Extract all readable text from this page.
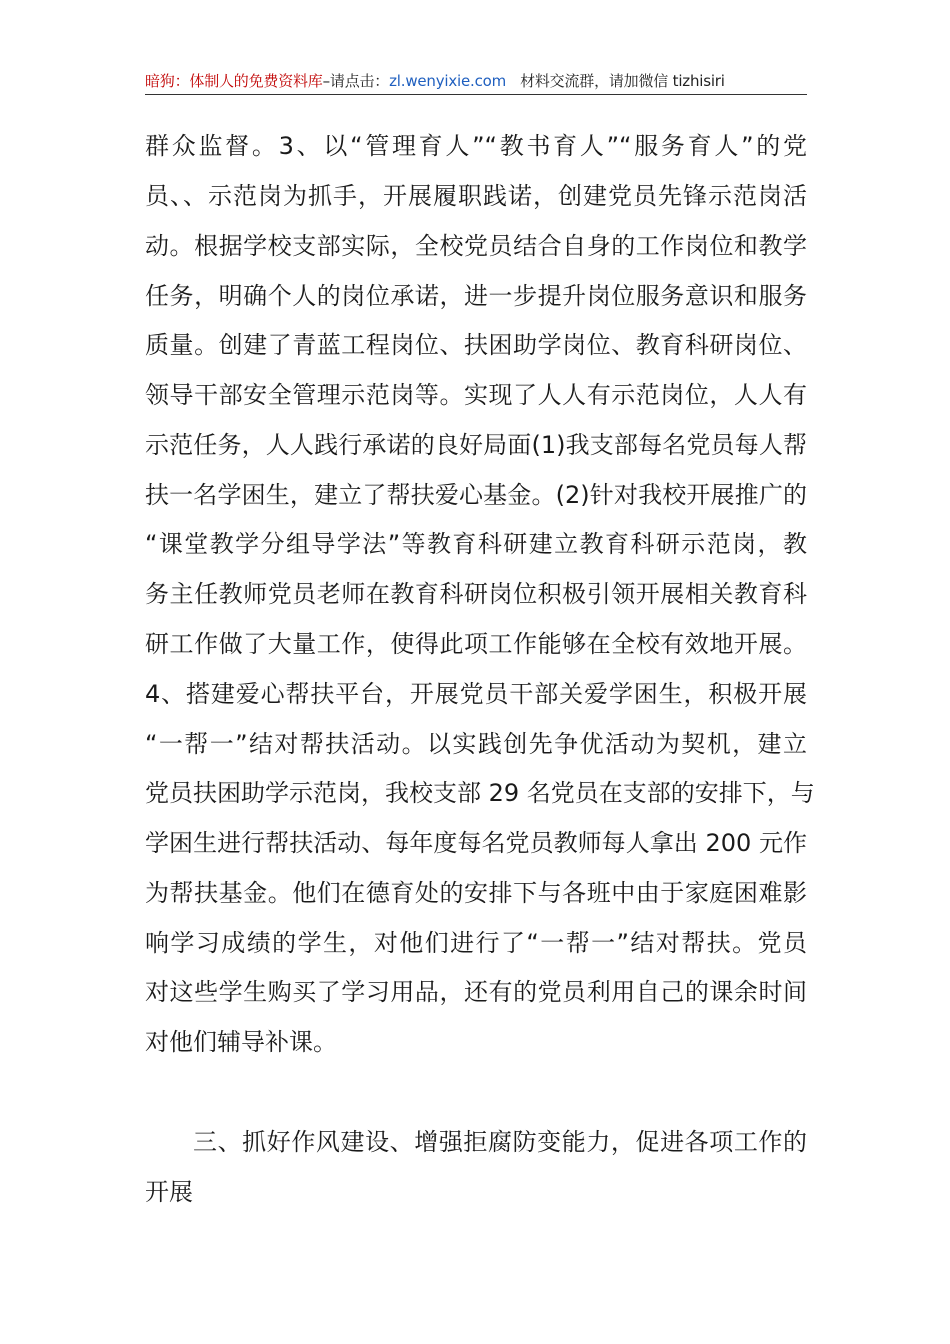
暗狗：体制人的免费资料库–请点击：zl.wenyixie.com 材料交流群，请加微信 tizhisiri
群众监督。3、以“管理育人”“教书育人”“服务育人”的党
员、、示范岗为抓手，开展履职践诺，创建党员先锋示范岗活
动。根据学校支部实际，全校党员结合自身的工作岗位和教学
任务，明确个人的岗位承诺，进一步提升岗位服务意识和服务
质量。创建了青蓝工程岗位、扶困助学岗位、教育科研岗位、
领导干部安全管理示范岗等。实现了人人有示范岗位，人人有
示范任务，人人践行承诺的良好局面(1)我支部每名党员每人帮
扶一名学困生，建立了帮扶爱心基金。(2)针对我校开展推广的
“课堂教学分组导学法”等教育科研建立教育科研示范岗，教
务主任教师党员老师在教育科研岗位积极引领开展相关教育科
研工作做了大量工作，使得此项工作能够在全校有效地开展。
4、搭建爱心帮扶平台，开展党员干部关爱学困生，积极开展
“一帮一”结对帮扶活动。以实践创先争优活动为契机，建立
党员扶困助学示范岗，我校支部 29 名党员在支部的安排下，与
学困生进行帮扶活动、每年度每名党员教师每人拿出 200 元作
为帮扶基金。他们在德育处的安排下与各班中由于家庭困难影
响学习成绩的学生，对他们进行了“一帮一”结对帮扶。党员
对这些学生购买了学习用品，还有的党员利用自己的课余时间
对他们辅导补课。
三、抓好作风建设、增强拒腐防变能力，促进各项工作的
开展
